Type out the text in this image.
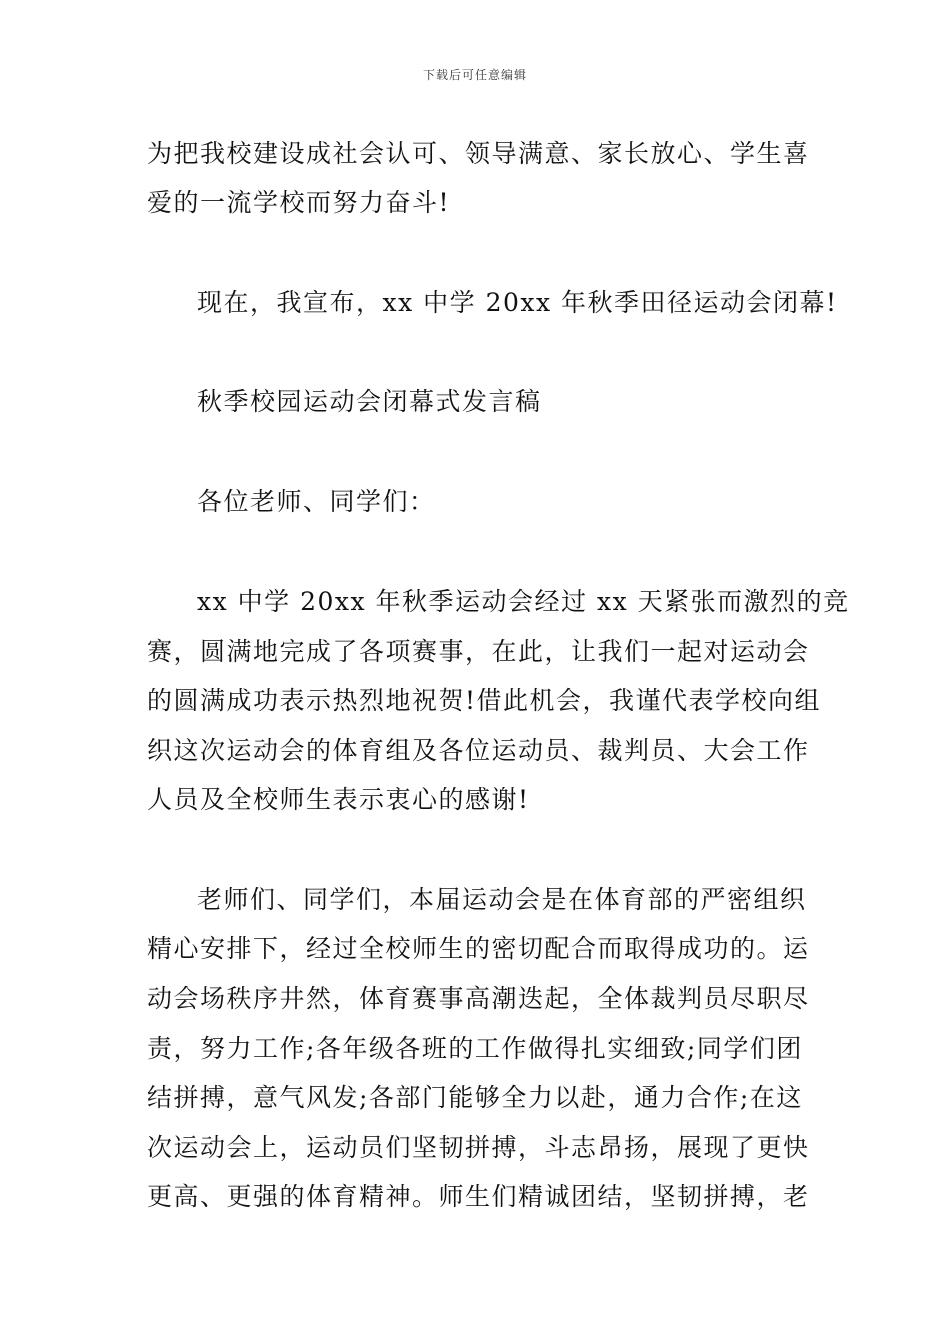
下载后可任意编辑
为把我校建设成社会认可、领导满意、家长放心、学生喜
爱的一流学校而努力奋斗!
现在，我宣布，xx 中学 20xx 年秋季田径运动会闭幕!
秋季校园运动会闭幕式发言稿
各位老师、同学们：
xx 中学 20xx 年秋季运动会经过 xx 天紧张而激烈的竞
赛，圆满地完成了各项赛事，在此，让我们一起对运动会
的圆满成功表示热烈地祝贺!借此机会，我谨代表学校向组
织这次运动会的体育组及各位运动员、裁判员、大会工作
人员及全校师生表示衷心的感谢!
老师们、同学们，本届运动会是在体育部的严密组织
精心安排下，经过全校师生的密切配合而取得成功的。运
动会场秩序井然，体育赛事高潮迭起，全体裁判员尽职尽
责，努力工作;各年级各班的工作做得扎实细致;同学们团
结拼搏，意气风发;各部门能够全力以赴，通力合作;在这
次运动会上，运动员们坚韧拼搏，斗志昂扬，展现了更快
更高、更强的体育精神。师生们精诚团结，坚韧拼搏，老
